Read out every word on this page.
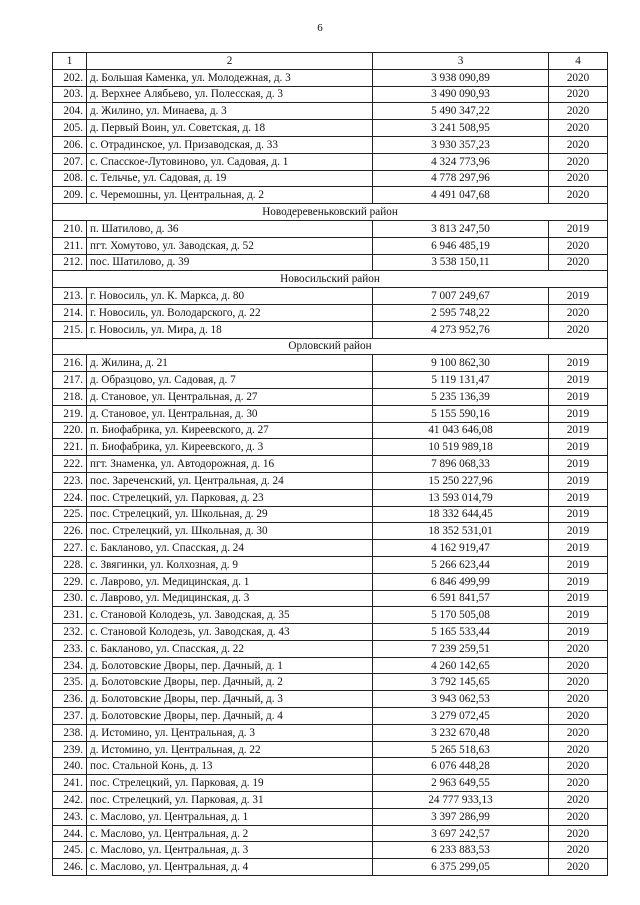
6
1	2	3	4
202.	д. Большая Каменка, ул. Молодежная, д. 3	3 938 090,89	2020
203.	д. Верхнее Алябьево, ул. Полесская, д. 3	3 490 090,93	2020
204.	д. Жилино, ул. Минаева, д. 3	5 490 347,22	2020
205.	д. Первый Воин, ул. Советская, д. 18	3 241 508,95	2020
206.	с. Отрадинское, ул. Призаводская, д. 33	3 930 357,23	2020
207.	с. Спасское-Лутовиново, ул. Садовая, д. 1	4 324 773,96	2020
208.	с. Тельчье, ул. Садовая, д. 19	4 778 297,96	2020
209.	с. Черемошны, ул. Центральная, д. 2	4 491 047,68	2020
Новодеревеньковский район			
210.	п. Шатилово, д. 36	3 813 247,50	2019
211.	пгт. Хомутово, ул. Заводская, д. 52	6 946 485,19	2020
212.	пос. Шатилово, д. 39	3 538 150,11	2020
Новосильский район			
213.	г. Новосиль, ул. К. Маркса, д. 80	7 007 249,67	2019
214.	г. Новосиль, ул. Володарского, д. 22	2 595 748,22	2020
215.	г. Новосиль, ул. Мира, д. 18	4 273 952,76	2020
Орловский район			
216.	д. Жилина, д. 21	9 100 862,30	2019
217.	д. Образцово, ул. Садовая, д. 7	5 119 131,47	2019
218.	д. Становое, ул. Центральная, д. 27	5 235 136,39	2019
219.	д. Становое, ул. Центральная, д. 30	5 155 590,16	2019
220.	п. Биофабрика, ул. Киреевского, д. 27	41 043 646,08	2019
221.	п. Биофабрика, ул. Киреевского, д. 3	10 519 989,18	2019
222.	пгт. Знаменка, ул. Автодорожная, д. 16	7 896 068,33	2019
223.	пос. Зареченский, ул. Центральная, д. 24	15 250 227,96	2019
224.	пос. Стрелецкий, ул. Парковая, д. 23	13 593 014,79	2019
225.	пос. Стрелецкий, ул. Школьная, д. 29	18 332 644,45	2019
226.	пос. Стрелецкий, ул. Школьная, д. 30	18 352 531,01	2019
227.	с. Бакланово, ул. Спасская, д. 24	4 162 919,47	2019
228.	с. Звягинки, ул. Колхозная, д. 9	5 266 623,44	2019
229.	с. Лаврово, ул. Медицинская, д. 1	6 846 499,99	2019
230.	с. Лаврово, ул. Медицинская, д. 3	6 591 841,57	2019
231.	с. Становой Колодезь, ул. Заводская, д. 35	5 170 505,08	2019
232.	с. Становой Колодезь, ул. Заводская, д. 43	5 165 533,44	2019
233.	с. Бакланово, ул. Спасская, д. 22	7 239 259,51	2020
234.	д. Болотовские Дворы, пер. Дачный, д. 1	4 260 142,65	2020
235.	д. Болотовские Дворы, пер. Дачный, д. 2	3 792 145,65	2020
236.	д. Болотовские Дворы, пер. Дачный, д. 3	3 943 062,53	2020
237.	д. Болотовские Дворы, пер. Дачный, д. 4	3 279 072,45	2020
238.	д. Истомино, ул. Центральная, д. 3	3 232 670,48	2020
239.	д. Истомино, ул. Центральная, д. 22	5 265 518,63	2020
240.	пос. Стальной Конь, д. 13	6 076 448,28	2020
241.	пос. Стрелецкий, ул. Парковая, д. 19	2 963 649,55	2020
242.	пос. Стрелецкий, ул. Парковая, д. 31	24 777 933,13	2020
243.	с. Маслово, ул. Центральная, д. 1	3 397 286,99	2020
244.	с. Маслово, ул. Центральная, д. 2	3 697 242,57	2020
245.	с. Маслово, ул. Центральная, д. 3	6 233 883,53	2020
246.	с. Маслово, ул. Центральная, д. 4	6 375 299,05	2020
